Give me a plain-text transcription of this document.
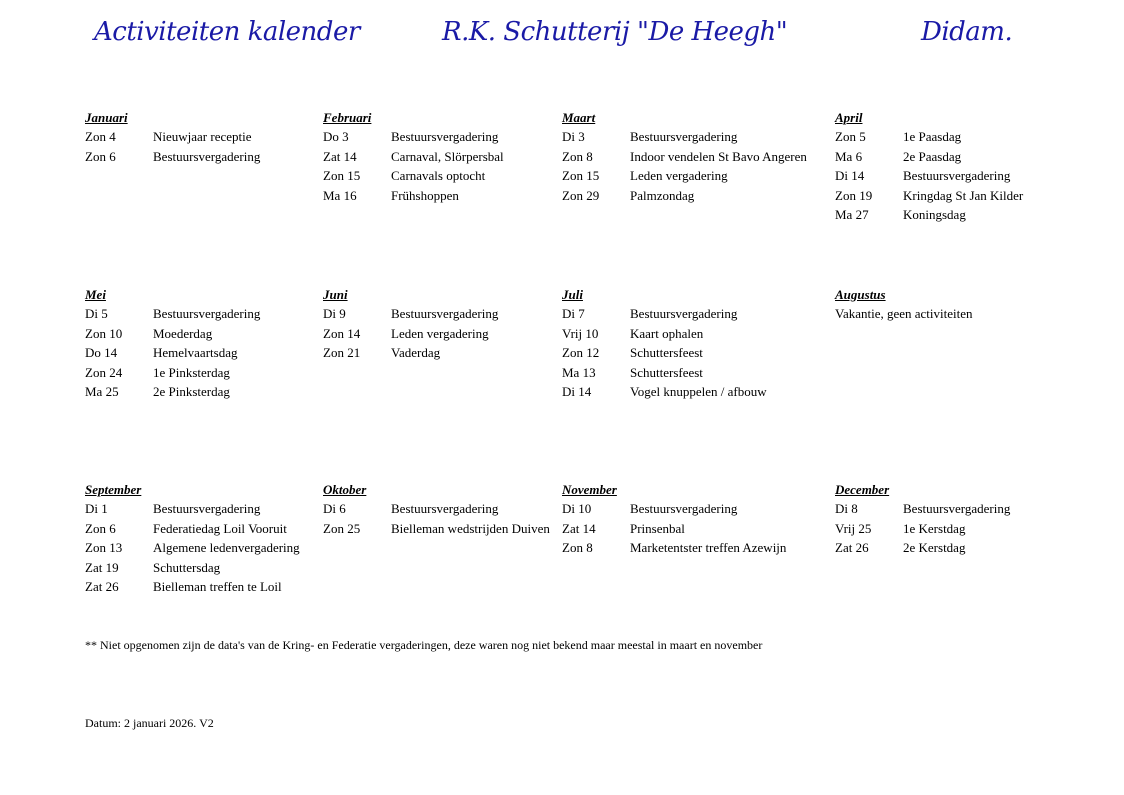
Activiteiten kalender	R.K. Schutterij "De Heegh"	Didam.
Januari
Zon 4	Nieuwjaar receptie
Zon 6	Bestuursvergadering
Februari
Do 3	Bestuursvergadering
Zat 14	Carnaval, Slörpersbal
Zon 15 Carnavals optocht
Ma 16	Frühshoppen
Maart
Di 3	Bestuursvergadering
Zon 8	Indoor vendelen St Bavo Angeren
Zon 15 Leden vergadering
Zon 29 Palmzondag
April
Zon 5	1e Paasdag
Ma 6	2e Paasdag
Di 14	Bestuursvergadering
Zon 19 Kringdag St Jan Kilder
Ma 27	Koningsdag
Mei
Di 5	Bestuursvergadering
Zon 10 Moederdag
Do 14	Hemelvaartsdag
Zon 24 1e Pinksterdag
Ma 25	2e Pinksterdag
Juni
Di 9	Bestuursvergadering
Zon 14 Leden vergadering
Zon 21 Vaderdag
Juli
Di 7	Bestuursvergadering
Vrij 10 Kaart ophalen
Zon 12 Schuttersfeest
Ma 13	Schuttersfeest
Di 14	Vogel knuppelen / afbouw
Augustus
Vakantie, geen activiteiten
September
Di 1	Bestuursvergadering
Zon 6	Federatiedag Loil Vooruit
Zon 13 Algemene ledenvergadering
Zat 19	Schuttersdag
Zat 26	Bielleman treffen te Loil
Oktober
Di 6	Bestuursvergadering
Zon 25 Bielleman wedstrijden Duiven
November
Di 10	Bestuursvergadering
Zat 14	Prinsenbal
Zon 8	Marketentster treffen Azewijn
December
Di 8	Bestuursvergadering
Vrij 25 1e Kerstdag
Zat 26	2e Kerstdag
** Niet opgenomen zijn de data's van de Kring- en Federatie vergaderingen, deze waren nog niet bekend maar meestal in maart en november
Datum: 2 januari 2026. V2
